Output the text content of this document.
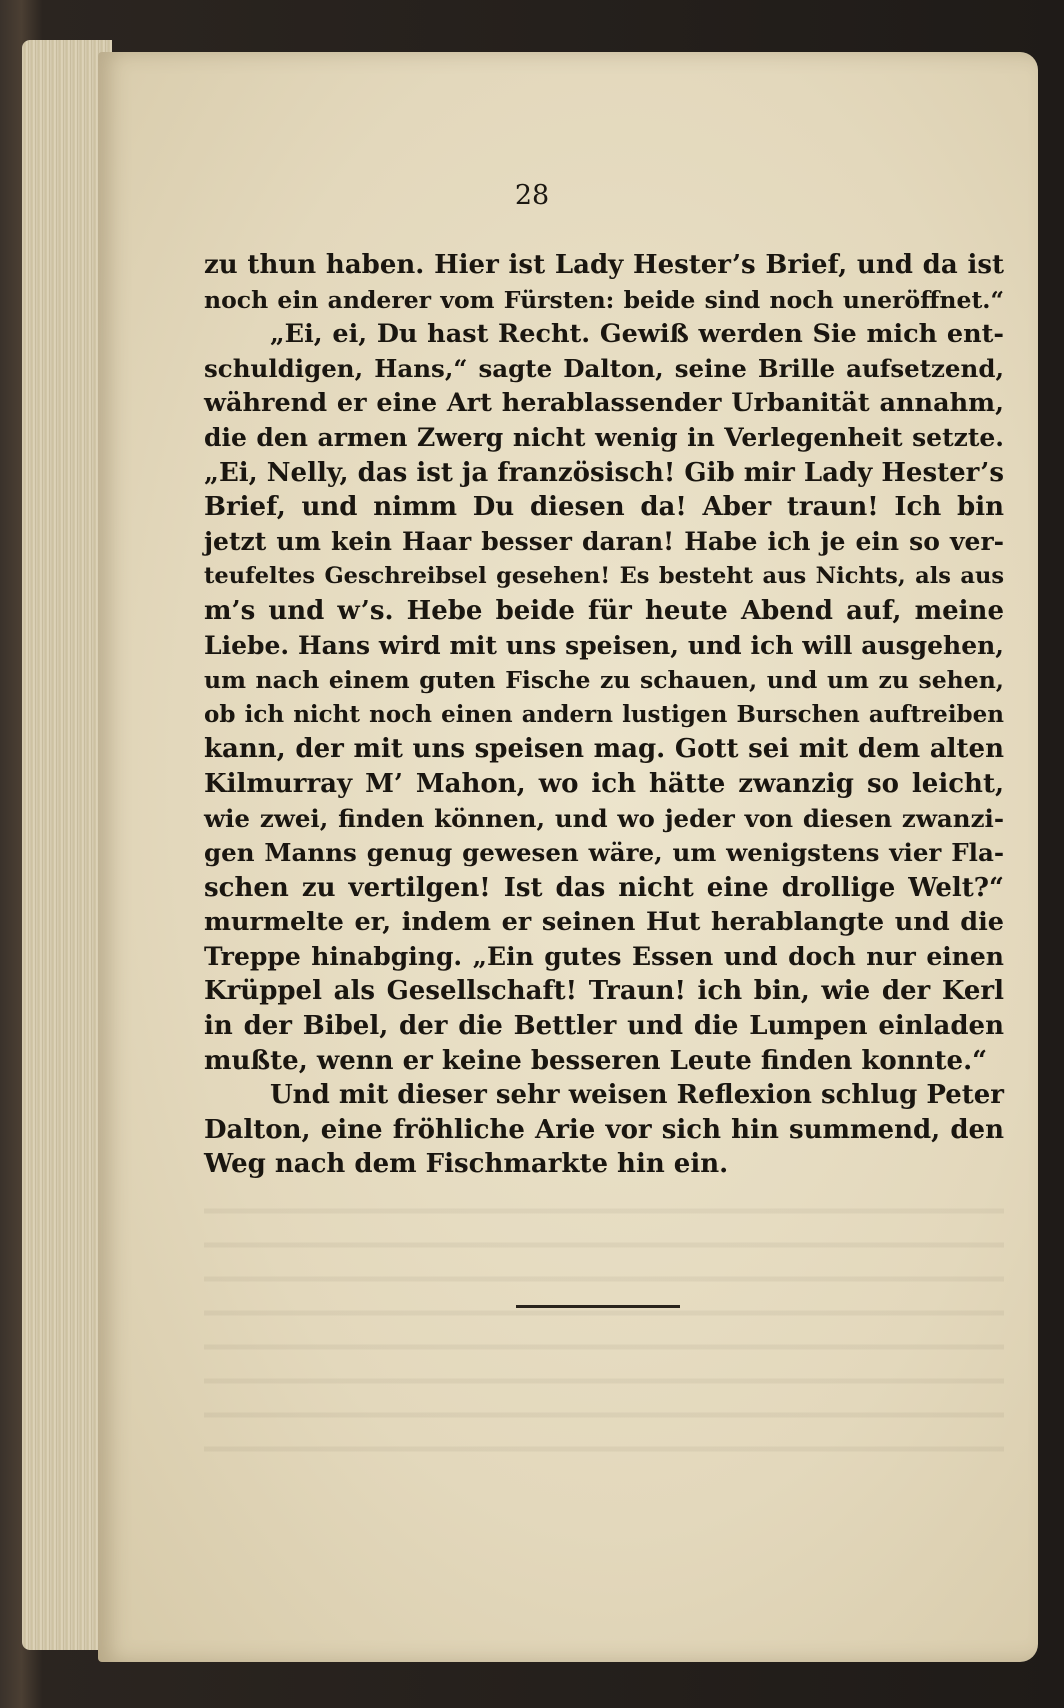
28
zu thun haben. Hier ist Lady Hester’s Brief, und da ist
noch ein anderer vom Fürsten: beide sind noch uneröffnet.“
„Ei, ei, Du hast Recht. Gewiß werden Sie mich ent-
schuldigen, Hans,“ sagte Dalton, seine Brille aufsetzend,
während er eine Art herablassender Urbanität annahm,
die den armen Zwerg nicht wenig in Verlegenheit setzte.
„Ei, Nelly, das ist ja französisch! Gib mir Lady Hester’s
Brief, und nimm Du diesen da! Aber traun! Ich bin
jetzt um kein Haar besser daran! Habe ich je ein so ver-
teufeltes Geschreibsel gesehen! Es besteht aus Nichts, als aus
m’s und w’s. Hebe beide für heute Abend auf, meine
Liebe. Hans wird mit uns speisen, und ich will ausgehen,
um nach einem guten Fische zu schauen, und um zu sehen,
ob ich nicht noch einen andern lustigen Burschen auftreiben
kann, der mit uns speisen mag. Gott sei mit dem alten
Kilmurray M’ Mahon, wo ich hätte zwanzig so leicht,
wie zwei, finden können, und wo jeder von diesen zwanzi-
gen Manns genug gewesen wäre, um wenigstens vier Fla-
schen zu vertilgen! Ist das nicht eine drollige Welt?“
murmelte er, indem er seinen Hut herablangte und die
Treppe hinabging. „Ein gutes Essen und doch nur einen
Krüppel als Gesellschaft! Traun! ich bin, wie der Kerl
in der Bibel, der die Bettler und die Lumpen einladen
mußte, wenn er keine besseren Leute finden konnte.“
Und mit dieser sehr weisen Reflexion schlug Peter
Dalton, eine fröhliche Arie vor sich hin summend, den
Weg nach dem Fischmarkte hin ein.
